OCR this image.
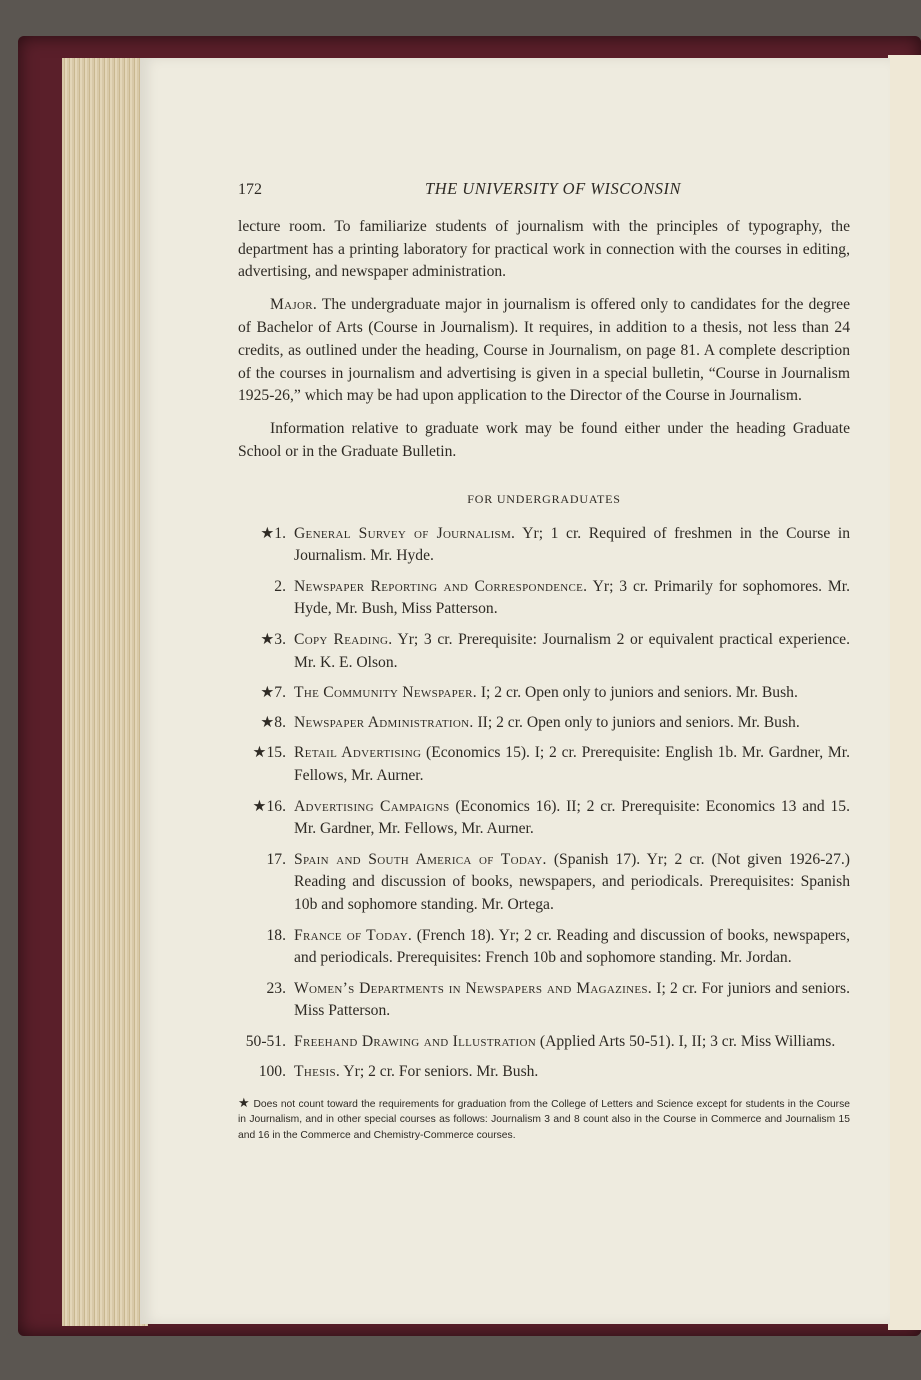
172	THE UNIVERSITY OF WISCONSIN

lecture room. To familiarize students of journalism with the principles of typography, the department has a printing laboratory for practical work in connection with the courses in editing, advertising, and newspaper administration.

Major. The undergraduate major in journalism is offered only to candidates for the degree of Bachelor of Arts (Course in Journalism). It requires, in addition to a thesis, not less than 24 credits, as outlined under the heading, Course in Journalism, on page 81. A complete description of the courses in journalism and advertising is given in a special bulletin, “Course in Journalism 1925-26,” which may be had upon application to the Director of the Course in Journalism.

Information relative to graduate work may be found either under the heading Graduate School or in the Graduate Bulletin.

FOR UNDERGRADUATES
★1. General Survey of Journalism. Yr; 1 cr. Required of freshmen in the Course in Journalism. Mr. Hyde.
2. Newspaper Reporting and Correspondence. Yr; 3 cr. Primarily for sophomores. Mr. Hyde, Mr. Bush, Miss Patterson.
★3. Copy Reading. Yr; 3 cr. Prerequisite: Journalism 2 or equivalent practical experience. Mr. K. E. Olson.
★7. The Community Newspaper. I; 2 cr. Open only to juniors and seniors. Mr. Bush.
★8. Newspaper Administration. II; 2 cr. Open only to juniors and seniors. Mr. Bush.
★15. Retail Advertising (Economics 15). I; 2 cr. Prerequisite: English 1b. Mr. Gardner, Mr. Fellows, Mr. Aurner.
★16. Advertising Campaigns (Economics 16). II; 2 cr. Prerequisite: Economics 13 and 15. Mr. Gardner, Mr. Fellows, Mr. Aurner.
17. Spain and South America of Today. (Spanish 17). Yr; 2 cr. (Not given 1926-27.) Reading and discussion of books, newspapers, and periodicals. Prerequisites: Spanish 10b and sophomore standing. Mr. Ortega.
18. France of Today. (French 18). Yr; 2 cr. Reading and discussion of books, newspapers, and periodicals. Prerequisites: French 10b and sophomore standing. Mr. Jordan.
23. Women’s Departments in Newspapers and Magazines. I; 2 cr. For juniors and seniors. Miss Patterson.
50-51. Freehand Drawing and Illustration (Applied Arts 50-51). I, II; 3 cr. Miss Williams.
100. Thesis. Yr; 2 cr. For seniors. Mr. Bush.
★ Does not count toward the requirements for graduation from the College of Letters and Science except for students in the Course in Journalism, and in other special courses as follows: Journalism 3 and 8 count also in the Course in Commerce and Journalism 15 and 16 in the Commerce and Chemistry-Commerce courses.
